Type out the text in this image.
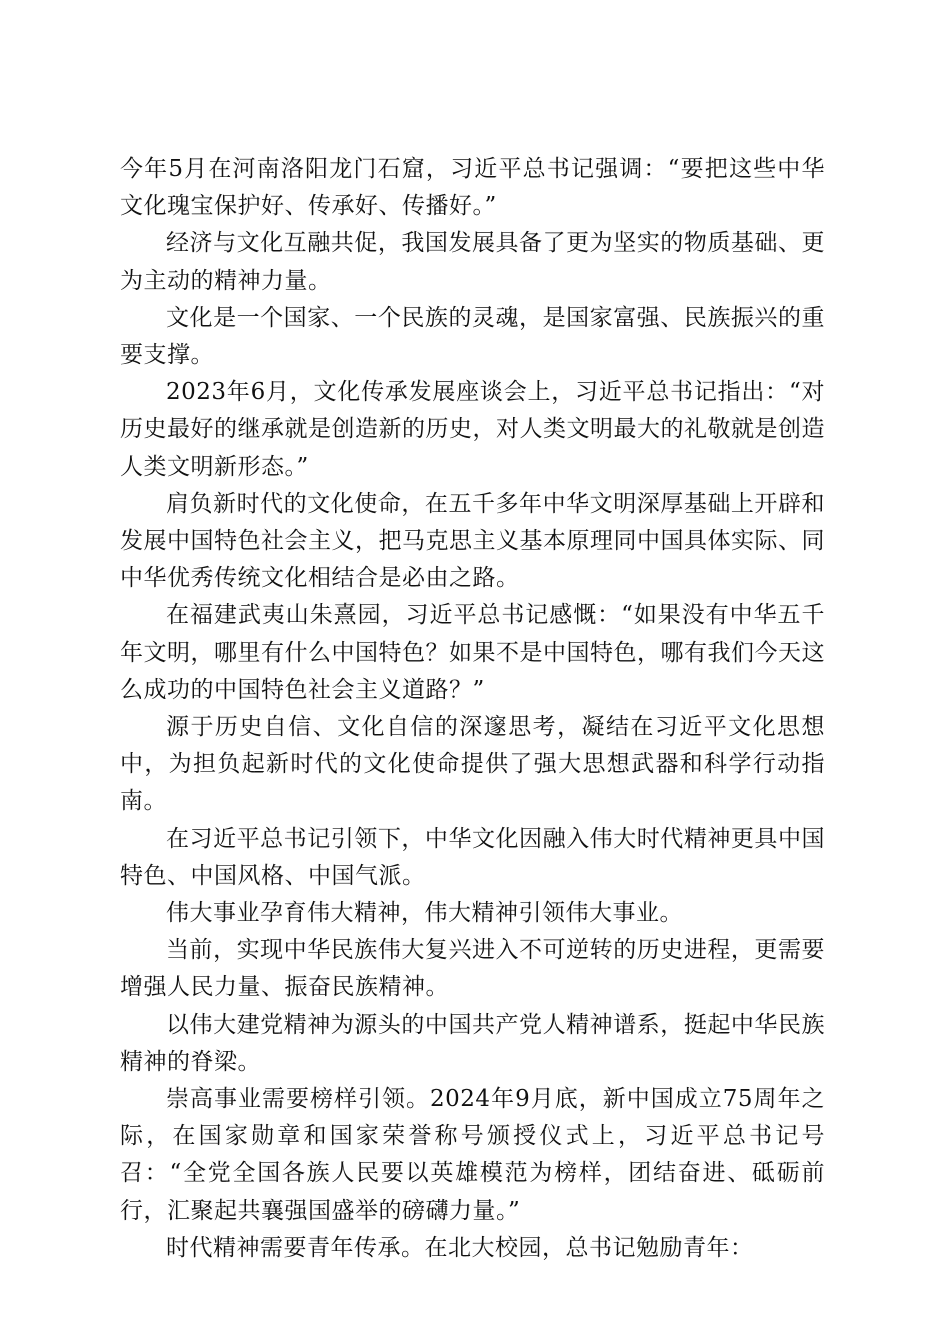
今年5月在河南洛阳龙门石窟，习近平总书记强调：“要把这些中华文化瑰宝保护好、传承好、传播好。”

经济与文化互融共促，我国发展具备了更为坚实的物质基础、更为主动的精神力量。

文化是一个国家、一个民族的灵魂，是国家富强、民族振兴的重要支撑。

2023年6月，文化传承发展座谈会上，习近平总书记指出：“对历史最好的继承就是创造新的历史，对人类文明最大的礼敬就是创造人类文明新形态。”

肩负新时代的文化使命，在五千多年中华文明深厚基础上开辟和发展中国特色社会主义，把马克思主义基本原理同中国具体实际、同中华优秀传统文化相结合是必由之路。

在福建武夷山朱熹园，习近平总书记感慨：“如果没有中华五千年文明，哪里有什么中国特色？如果不是中国特色，哪有我们今天这么成功的中国特色社会主义道路？”

源于历史自信、文化自信的深邃思考，凝结在习近平文化思想中，为担负起新时代的文化使命提供了强大思想武器和科学行动指南。

在习近平总书记引领下，中华文化因融入伟大时代精神更具中国特色、中国风格、中国气派。

伟大事业孕育伟大精神，伟大精神引领伟大事业。

当前，实现中华民族伟大复兴进入不可逆转的历史进程，更需要增强人民力量、振奋民族精神。

以伟大建党精神为源头的中国共产党人精神谱系，挺起中华民族精神的脊梁。

崇高事业需要榜样引领。2024年9月底，新中国成立75周年之际，在国家勋章和国家荣誉称号颁授仪式上，习近平总书记号召：“全党全国各族人民要以英雄模范为榜样，团结奋进、砥砺前行，汇聚起共襄强国盛举的磅礴力量。”

时代精神需要青年传承。在北大校园，总书记勉励青年：
